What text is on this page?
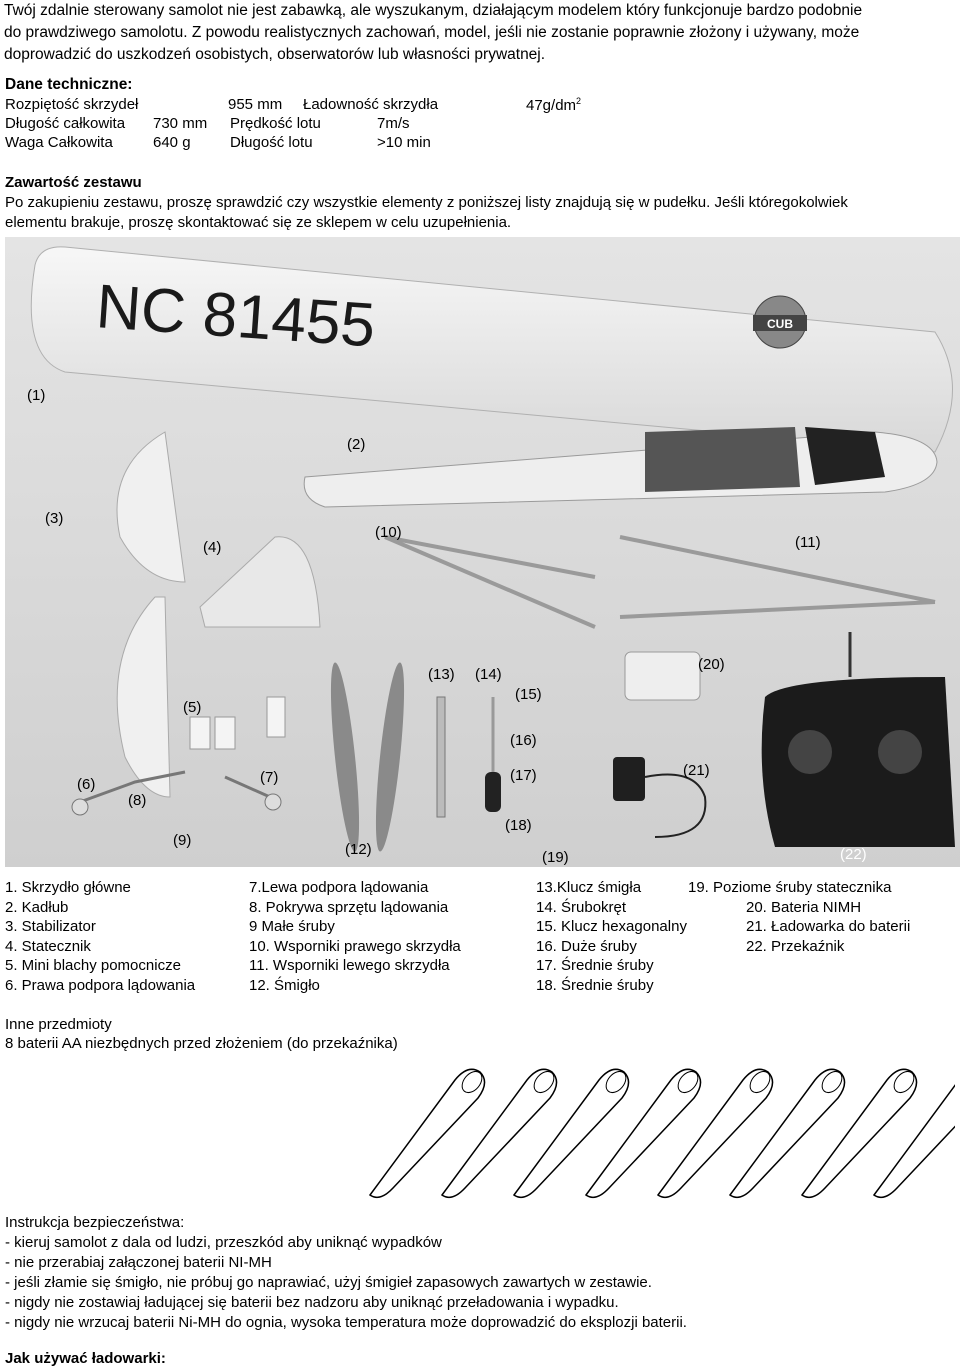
Twój zdalnie sterowany samolot nie jest zabawką, ale wyszukanym, działającym modelem który funkcjonuje bardzo podobnie

do prawdziwego samolotu. Z powodu realistycznych zachowań, model, jeśli nie zostanie poprawnie złożony i używany, może

doprowadzić do uszkodzeń osobistych, obserwatorów lub własności prywatnej.

Dane techniczne:
Rozpiętość skrzydeł	955 mm Ładowność skrzydła	$47g/dm^2$
Długość całkowita 730 mm Prędkość lotu	7m/s
Waga Całkowita	640 g	Długość lotu	>10 min
Zawartość zestawu

Po zakupieniu zestawu, proszę sprawdzić czy wszystkie elementy z poniższej listy znajdują się w pudełku. Jeśli któregokolwiek

elementu brakuje, proszę skontaktować się ze sklepem w celu uzupełnienia.

NC 81455	CUB
(1)
(2)
(3)
(4)
(5)
(6)	(7)
(8)
(9)
(10)
(11)
(12)
(13) (14)
(15)
(16)
(17)
(18)
(19)
(20)
(21)
(22)
1. Skrzydło główne
2. Kadłub
3. Stabilizator
4. Statecznik
5. Mini blachy pomocnicze
6. Prawa podpora lądowania
7.Lewa podpora lądowania
8. Pokrywa sprzętu lądowania
9 Małe śruby
10. Wsporniki prawego skrzydła
11. Wsporniki lewego skrzydła
12. Śmigło
13.Klucz śmigła
14. Śrubokręt
15. Klucz hexagonalny
16. Duże śruby
17. Średnie śruby
18. Średnie śruby
19. Poziome śruby statecznika
20. Bateria NIMH
21. Ładowarka do baterii
22. Przekaźnik
Inne przedmioty
8 baterii AA niezbędnych przed złożeniem (do przekaźnika)
Instrukcja bezpieczeństwa:
- kieruj samolot z dala od ludzi, przeszkód aby uniknąć wypadków
- nie przerabiaj załączonej baterii NI-MH
- jeśli złamie się śmigło, nie próbuj go naprawiać, użyj śmigieł zapasowych zawartych w zestawie.
- nigdy nie zostawiaj ładującej się baterii bez nadzoru aby uniknąć przeładowania i wypadku.
- nigdy nie wrzucaj baterii Ni-MH do ognia, wysoka temperatura może doprowadzić do eksplozji baterii.
Jak używać ładowarki:
